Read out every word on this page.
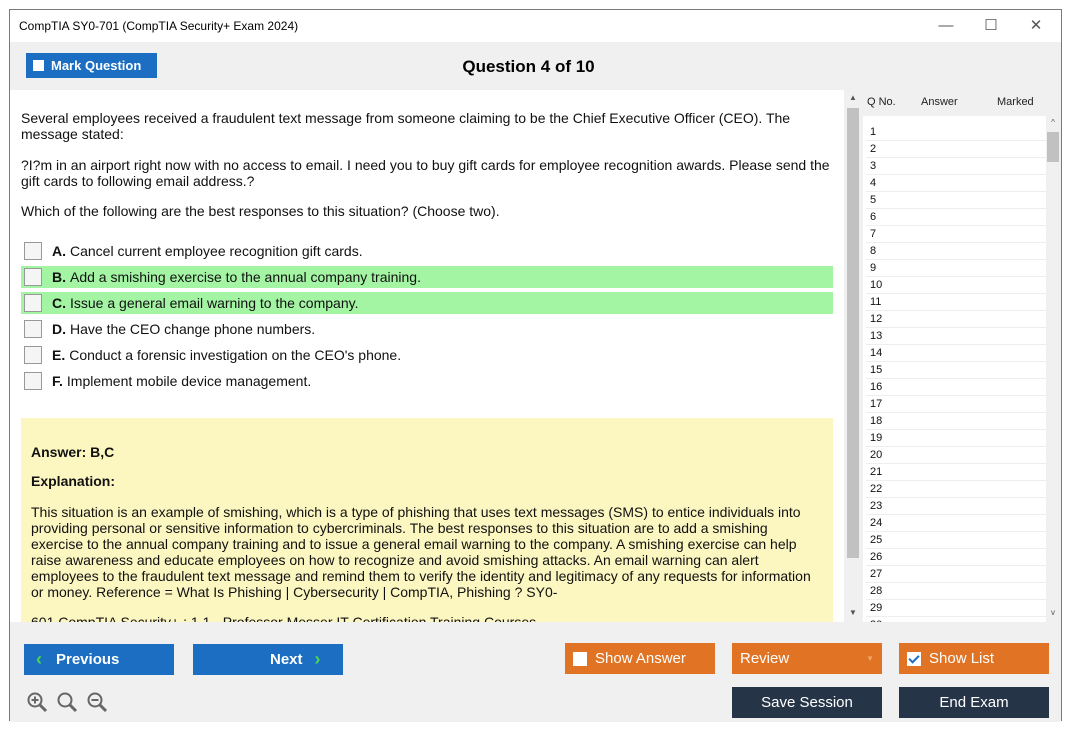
CompTIA SY0-701 (CompTIA Security+ Exam 2024)	—	☐	✕
Mark Question	Question 4 of 10
Several employees received a fraudulent text message from someone claiming to be the Chief Executive Officer (CEO). The message stated:
?I?m in an airport right now with no access to email. I need you to buy gift cards for employee recognition awards. Please send the gift cards to following email address.?
Which of the following are the best responses to this situation? (Choose two).
A. Cancel current employee recognition gift cards.
B. Add a smishing exercise to the annual company training.
C. Issue a general email warning to the company.
D. Have the CEO change phone numbers.
E. Conduct a forensic investigation on the CEO's phone.
F. Implement mobile device management.
Answer: B,C
Explanation:
This situation is an example of smishing, which is a type of phishing that uses text messages (SMS) to entice individuals into providing personal or sensitive information to cybercriminals. The best responses to this situation are to add a smishing exercise to the annual company training and to issue a general email warning to the company. A smishing exercise can help raise awareness and educate employees on how to recognize and avoid smishing attacks. An email warning can alert employees to the fraudulent text message and remind them to verify the identity and legitimacy of any requests for information or money. Reference = What Is Phishing | Cybersecurity | CompTIA, Phishing ? SY0-
▲
▼
Q No. Answer	Marked
1
2
3
4
5
6
7
8
9
10
11
12
13
14
15
16
17
18
19
20
21
22
23
24
25
26
27
28
29
^
v
‹ Previous	Next ›	Show Answer	Review	▼	Show List
Save Session	End Exam
